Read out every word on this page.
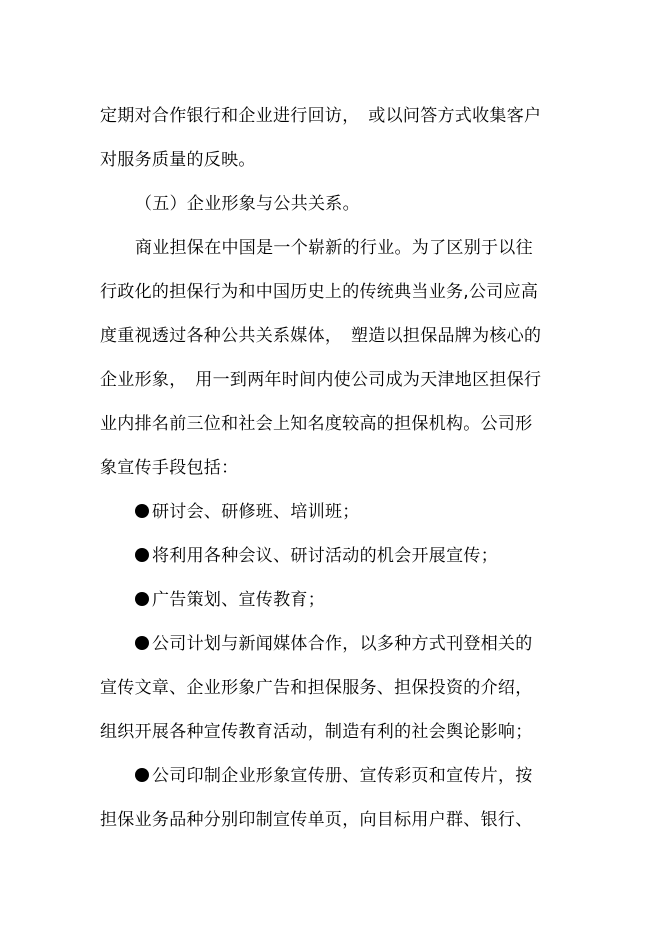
定期对合作银行和企业进行回访，　或以问答方式收集客户
对服务质量的反映。
（五）企业形象与公共关系。
商业担保在中国是一个崭新的行业。为了区别于以往
行政化的担保行为和中国历史上的传统典当业务,公司应高
度重视透过各种公共关系媒体，　塑造以担保品牌为核心的
企业形象，　用一到两年时间内使公司成为天津地区担保行
业内排名前三位和社会上知名度较高的担保机构。公司形
象宣传手段包括：
研讨会、研修班、培训班；
将利用各种会议、研讨活动的机会开展宣传；
广告策划、宣传教育；
公司计划与新闻媒体合作，以多种方式刊登相关的
宣传文章、企业形象广告和担保服务、担保投资的介绍，
组织开展各种宣传教育活动，制造有利的社会舆论影响；
公司印制企业形象宣传册、宣传彩页和宣传片，按
担保业务品种分别印制宣传单页，向目标用户群、银行、
